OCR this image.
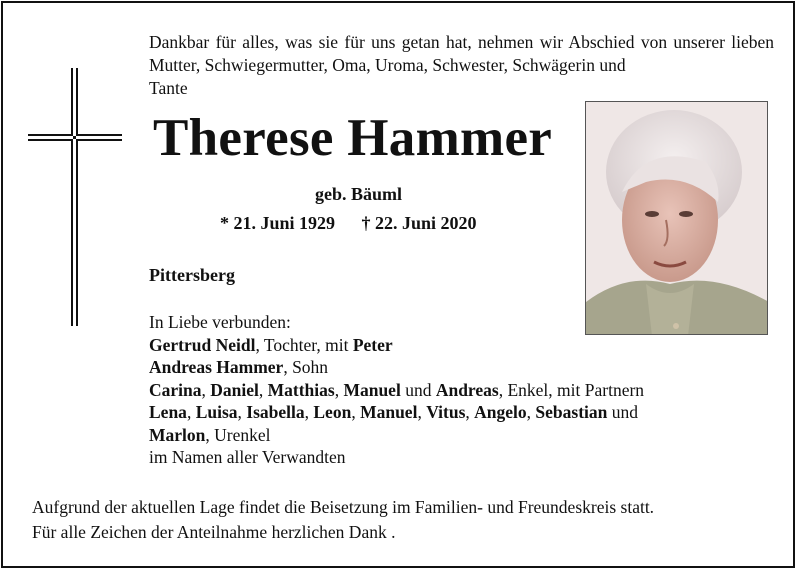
Dankbar für alles, was sie für uns getan hat, nehmen wir Abschied von unserer lieben Mutter, Schwiegermutter, Oma, Uroma, Schwester, Schwägerin und
Tante
Therese Hammer
geb. Bäuml
* 21. Juni 1929 † 22. Juni 2020
Pittersberg
In Liebe verbunden:
Gertrud Neidl, Tochter, mit Peter
Andreas Hammer, Sohn
Carina, Daniel, Matthias, Manuel und Andreas, Enkel, mit Partnern
Lena, Luisa, Isabella, Leon, Manuel, Vitus, Angelo, Sebastian und
Marlon, Urenkel
im Namen aller Verwandten
Aufgrund der aktuellen Lage findet die Beisetzung im Familien- und Freundeskreis statt.
Für alle Zeichen der Anteilnahme herzlichen Dank .
